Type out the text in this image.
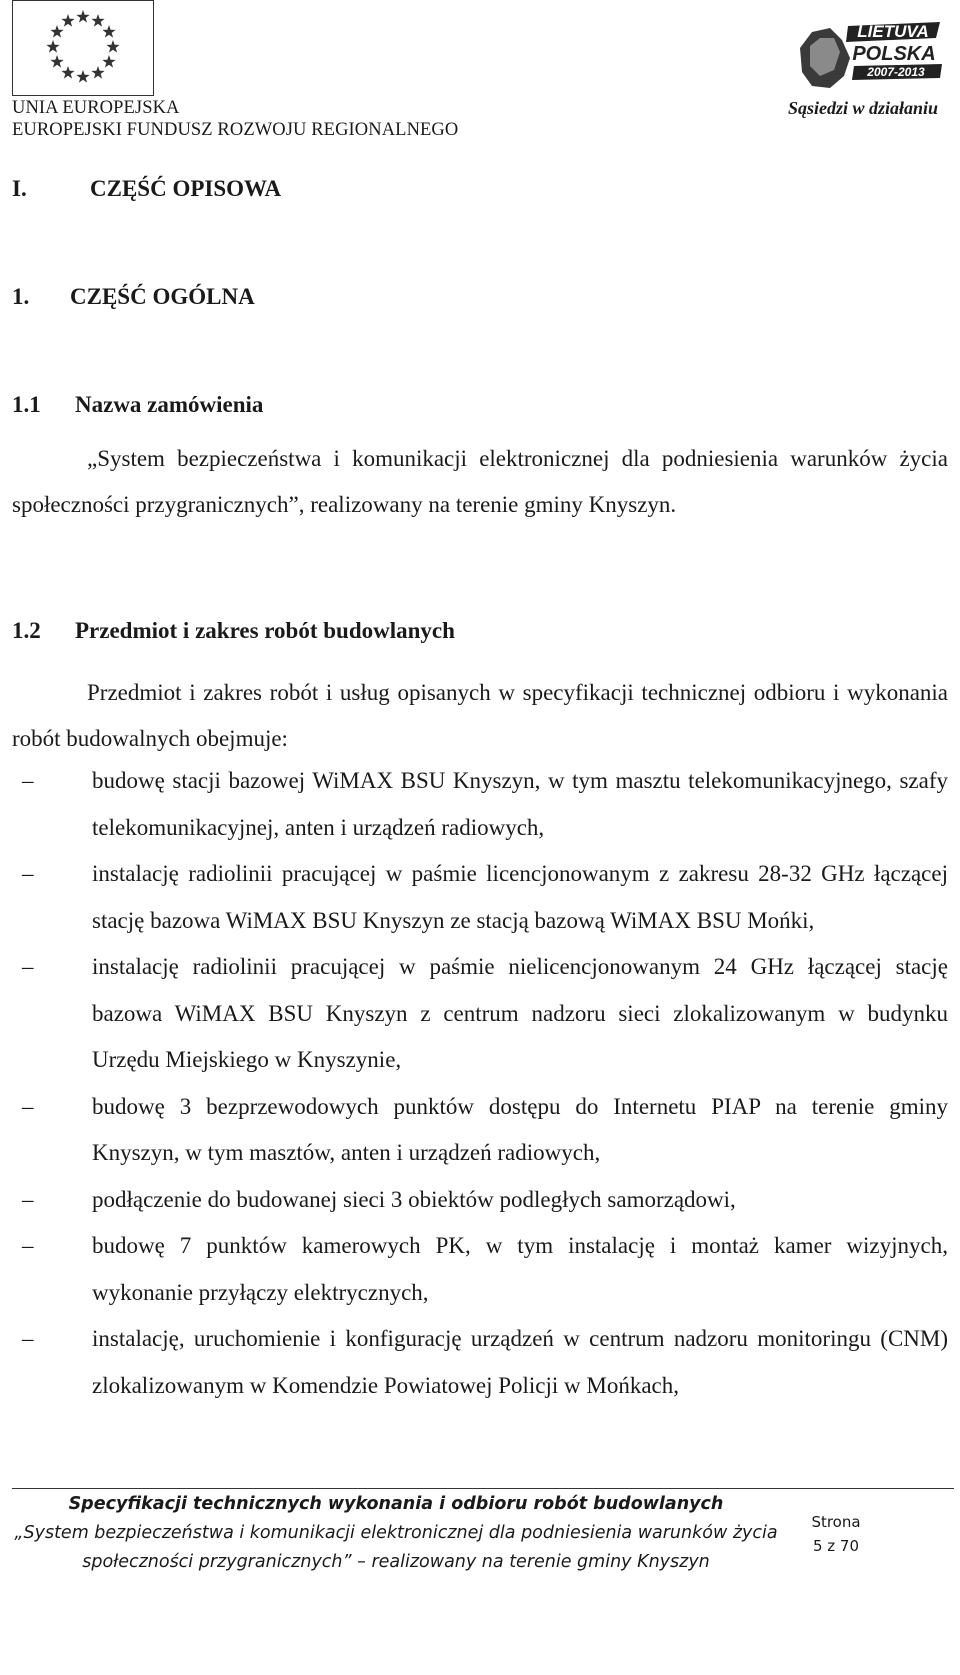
UNIA EUROPEJSKA
EUROPEJSKI FUNDUSZ ROZWOJU REGIONALNEGO
LIETUVA
POLSKA
2007-2013
Sąsiedzi w działaniu
I.	CZĘŚĆ OPISOWA
1. CZĘŚĆ OGÓLNA
1.1 Nazwa zamówienia
„System bezpieczeństwa i komunikacji elektronicznej dla podniesienia warunków życia społeczności przygranicznych”, realizowany na terenie gminy Knyszyn.
1.2 Przedmiot i zakres robót budowlanych
Przedmiot i zakres robót i usług opisanych w specyfikacji technicznej odbioru i wykonania robót budowalnych obejmuje:
–	budowę stacji bazowej WiMAX BSU Knyszyn, w tym masztu telekomunikacyjnego, szafy telekomunikacyjnej, anten i urządzeń radiowych,
–	instalację radiolinii pracującej w paśmie licencjonowanym z zakresu 28-32 GHz łączącej stację bazowa WiMAX BSU Knyszyn ze stacją bazową WiMAX BSU Mońki,
–	instalację radiolinii pracującej w paśmie nielicencjonowanym 24 GHz łączącej stację bazowa WiMAX BSU Knyszyn z centrum nadzoru sieci zlokalizowanym w budynku Urzędu Miejskiego w Knyszynie,
–	budowę 3 bezprzewodowych punktów dostępu do Internetu PIAP na terenie gminy Knyszyn, w tym masztów, anten i urządzeń radiowych,
–	podłączenie do budowanej sieci 3 obiektów podległych samorządowi,
–	budowę 7 punktów kamerowych PK, w tym instalację i montaż kamer wizyjnych, wykonanie przyłączy elektrycznych,
–	instalację, uruchomienie i konfigurację urządzeń w centrum nadzoru monitoringu (CNM) zlokalizowanym w Komendzie Powiatowej Policji w Mońkach,
Specyfikacji technicznych wykonania i odbioru robót budowlanych
„System bezpieczeństwa i komunikacji elektronicznej dla podniesienia warunków życia
społeczności przygranicznych” – realizowany na terenie gminy Knyszyn
Strona
5 z 70
